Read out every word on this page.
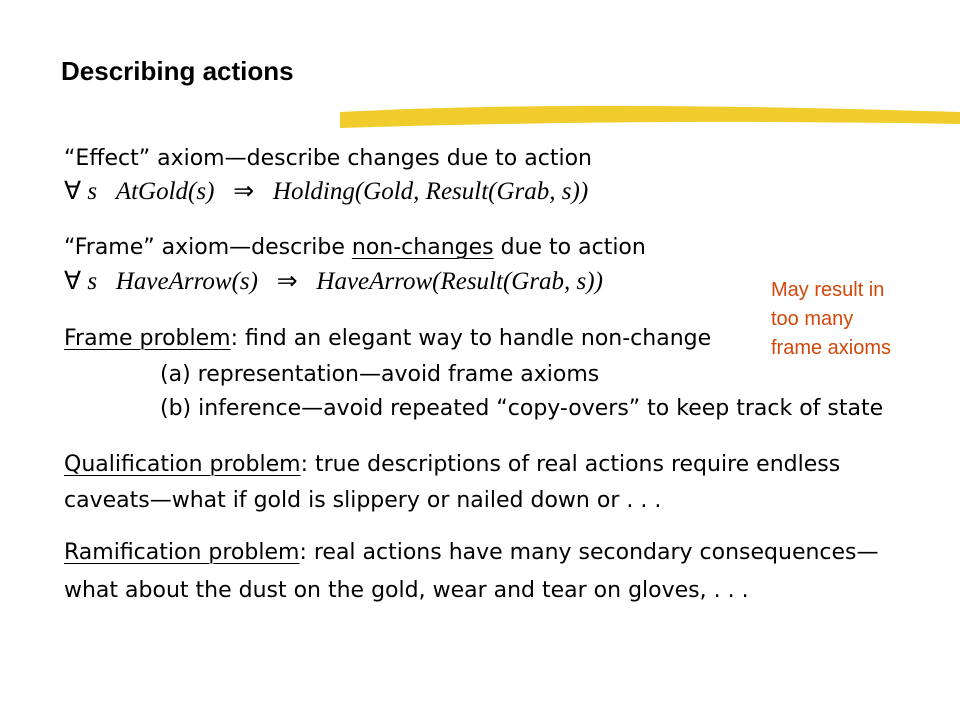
Describing actions
“Effect” axiom—describe changes due to action
∀ s AtGold(s) ⇒ Holding(Gold, Result(Grab, s))
“Frame” axiom—describe non-changes due to action
∀ s HaveArrow(s) ⇒ HaveArrow(Result(Grab, s))	May result in
too many
frame axioms
Frame problem: find an elegant way to handle non-change
(a) representation—avoid frame axioms
(b) inference—avoid repeated “copy-overs” to keep track of state
Qualification problem: true descriptions of real actions require endless
caveats—what if gold is slippery or nailed down or . . .
Ramification problem: real actions have many secondary consequences—
what about the dust on the gold, wear and tear on gloves, . . .
